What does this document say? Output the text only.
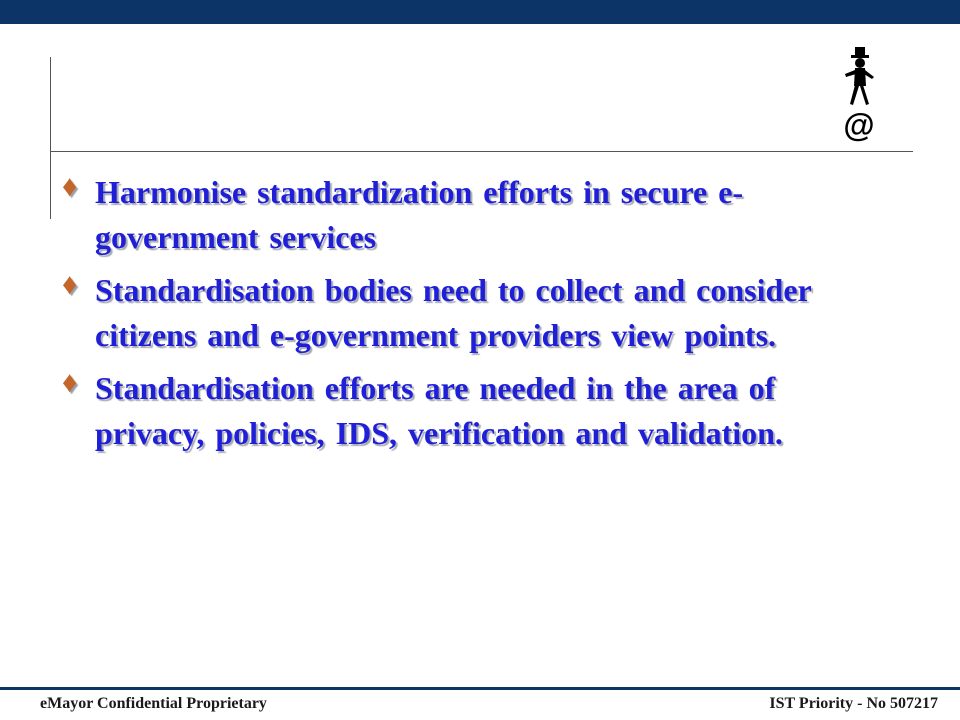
@
♦ Harmonise standardization efforts in secure e-government services
♦ Standardisation bodies need to collect and consider citizens and e-government providers view points.
♦ Standardisation efforts are needed in the area of privacy, policies, IDS, verification and validation.
eMayor Confidential Proprietary	IST Priority - No 507217
